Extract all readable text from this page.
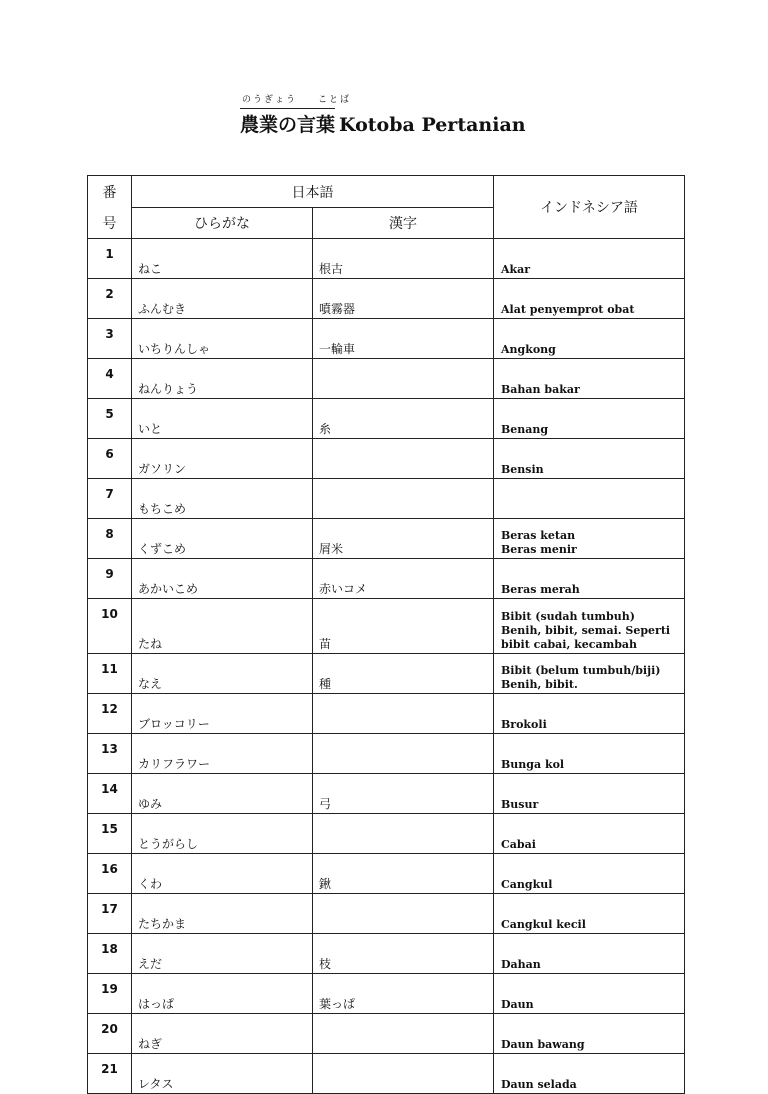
のうぎょう ことば
農業の言葉 Kotoba Pertanian
番
号	日本語		インドネシア語
	ひらがな	漢字	
1	ねこ	根古	Akar

2	ふんむき	噴霧器	Alat penyemprot obat

3	いちりんしゃ	一輪車	Angkong

4	ねんりょう		Bahan bakar

5	いと	糸	Benang

6	ガソリン		Bensin

7	もちこめ		

8	くずこめ	屑米	Beras ketan
Beras menir

9	あかいこめ	赤いコメ	Beras merah

10	たね	苗	Bibit (sudah tumbuh)
Benih, bibit, semai. Seperti
bibit cabai, kecambah

11	なえ	種	Bibit (belum tumbuh/biji)
Benih, bibit.

12	ブロッコリー		Brokoli

13	カリフラワー		Bunga kol

14	ゆみ	弓	Busur

15	とうがらし		Cabai

16	くわ	鍬	Cangkul

17	たちかま		Cangkul kecil

18	えだ	枝	Dahan

19	はっぱ	葉っぱ	Daun

20	ねぎ		Daun bawang

21	レタス		Daun selada
